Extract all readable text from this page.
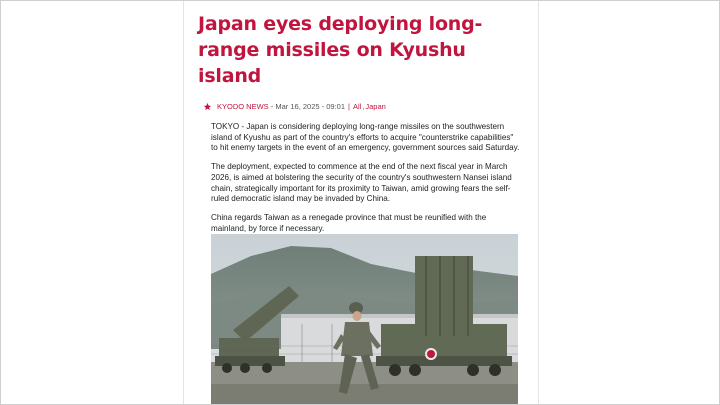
Japan eyes deploying long-range missiles on Kyushu island
KYODO NEWS - Mar 16, 2025 - 09:01 | All , Japan

TOKYO - Japan is considering deploying long-range missiles on the southwestern island of Kyushu as part of the country's efforts to acquire "counterstrike capabilities" to hit enemy targets in the event of an emergency, government sources said Saturday.

The deployment, expected to commence at the end of the next fiscal year in March 2026, is aimed at bolstering the security of the country's southwestern Nansei island chain, strategically important for its proximity to Taiwan, amid growing fears the self-ruled democratic island may be invaded by China.

China regards Taiwan as a renegade province that must be reunified with the mainland, by force if necessary.
